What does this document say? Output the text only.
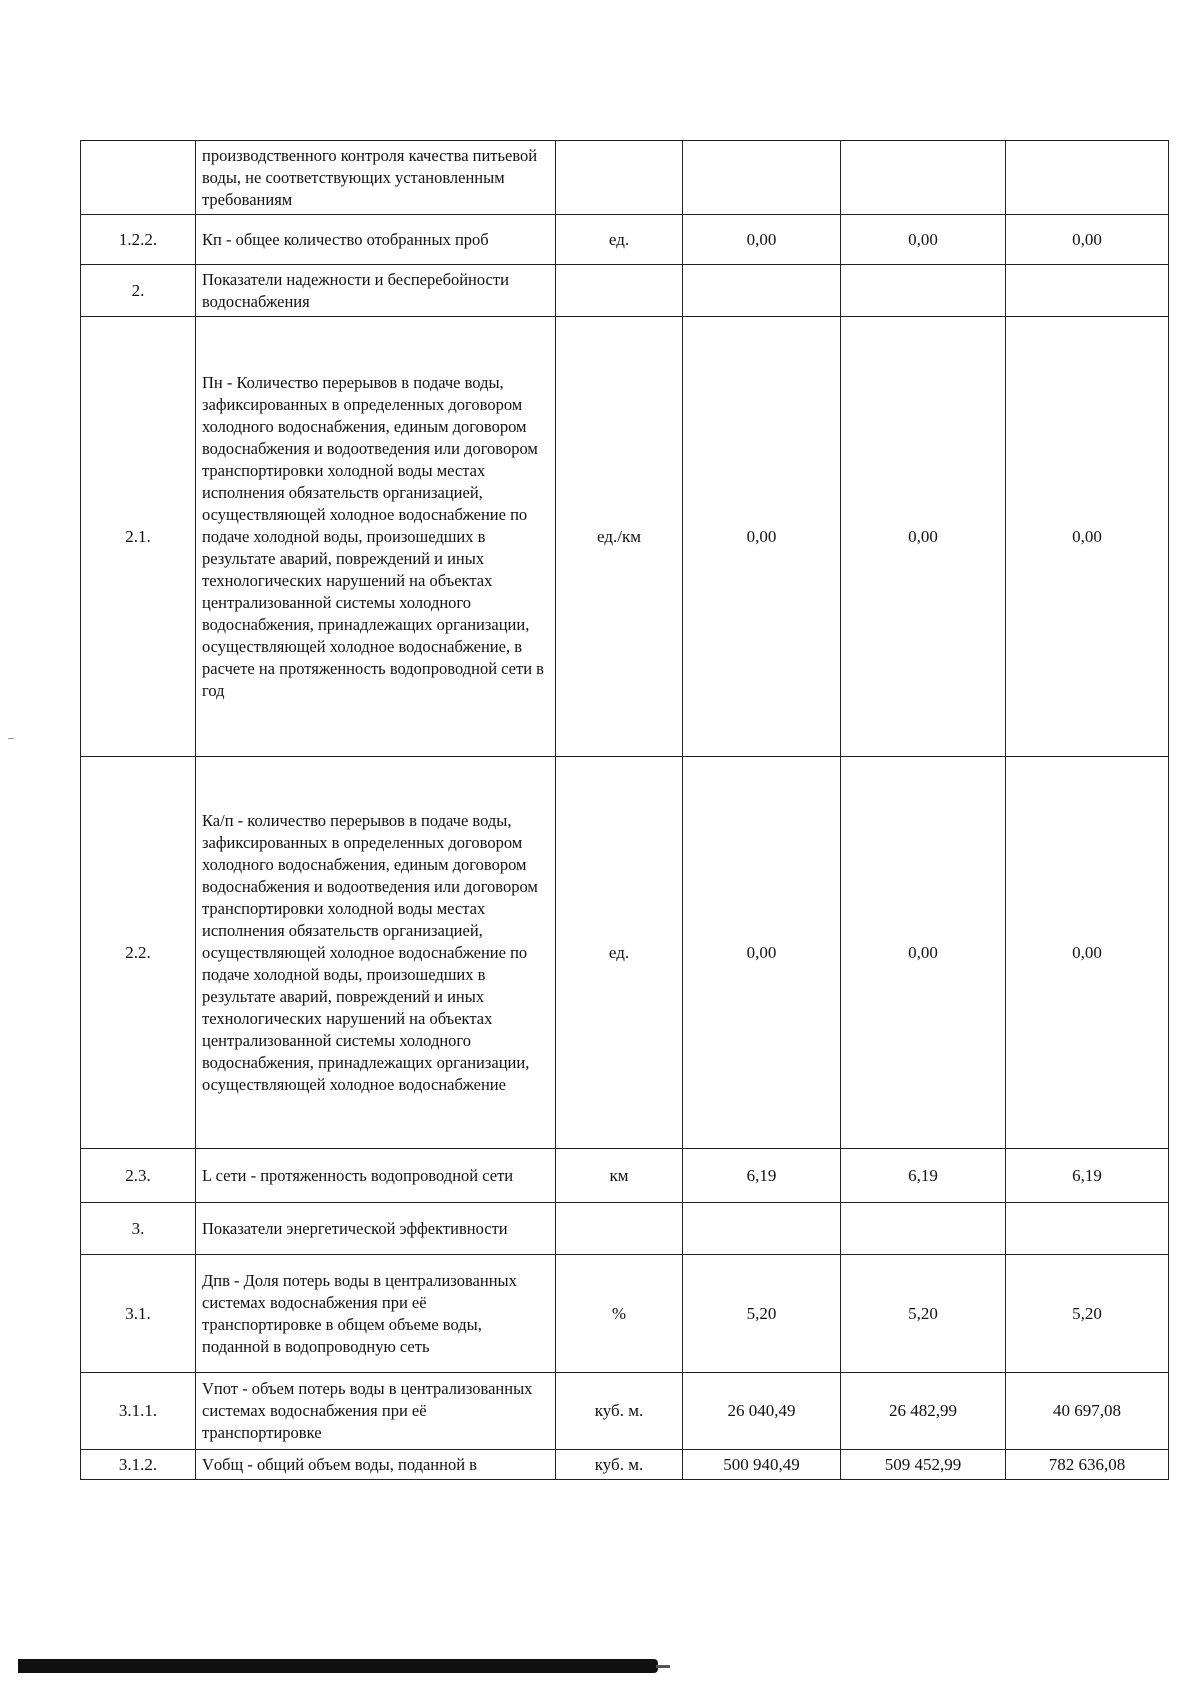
	производственного контроля качества питьевой воды, не соответствующих установленным требованиям				
1.2.2.	Кп - общее количество отобранных проб	ед.	0,00	0,00	0,00
2.	Показатели надежности и бесперебойности водоснабжения				
2.1.	Пн - Количество перерывов в подаче воды, зафиксированных в определенных договором холодного водоснабжения, единым договором водоснабжения и водоотведения или договором транспортировки холодной воды местах исполнения обязательств организацией, осуществляющей холодное водоснабжение по подаче холодной воды, произошедших в результате аварий, повреждений и иных технологических нарушений на объектах централизованной системы холодного водоснабжения, принадлежащих организации, осуществляющей холодное водоснабжение, в расчете на протяженность водопроводной сети в год	ед./км	0,00	0,00	0,00
2.2.	Ка/п - количество перерывов в подаче воды, зафиксированных в определенных договором холодного водоснабжения, единым договором водоснабжения и водоотведения или договором транспортировки холодной воды местах исполнения обязательств организацией, осуществляющей холодное водоснабжение по подаче холодной воды, произошедших в результате аварий, повреждений и иных технологических нарушений на объектах централизованной системы холодного водоснабжения, принадлежащих организации, осуществляющей холодное водоснабжение	ед.	0,00	0,00	0,00
2.3.	L сети - протяженность водопроводной сети	км	6,19	6,19	6,19
3.	Показатели энергетической эффективности				
3.1.	Дпв - Доля потерь воды в централизованных системах водоснабжения при её транспортировке в общем объеме воды, поданной в водопроводную сеть	%	5,20	5,20	5,20
3.1.1.	Vпот - объем потерь воды в централизованных системах водоснабжения при её транспортировке	куб. м.	26 040,49	26 482,99	40 697,08
3.1.2.	Vобщ - общий объем воды, поданной в	куб. м.	500 940,49	509 452,99	782 636,08
